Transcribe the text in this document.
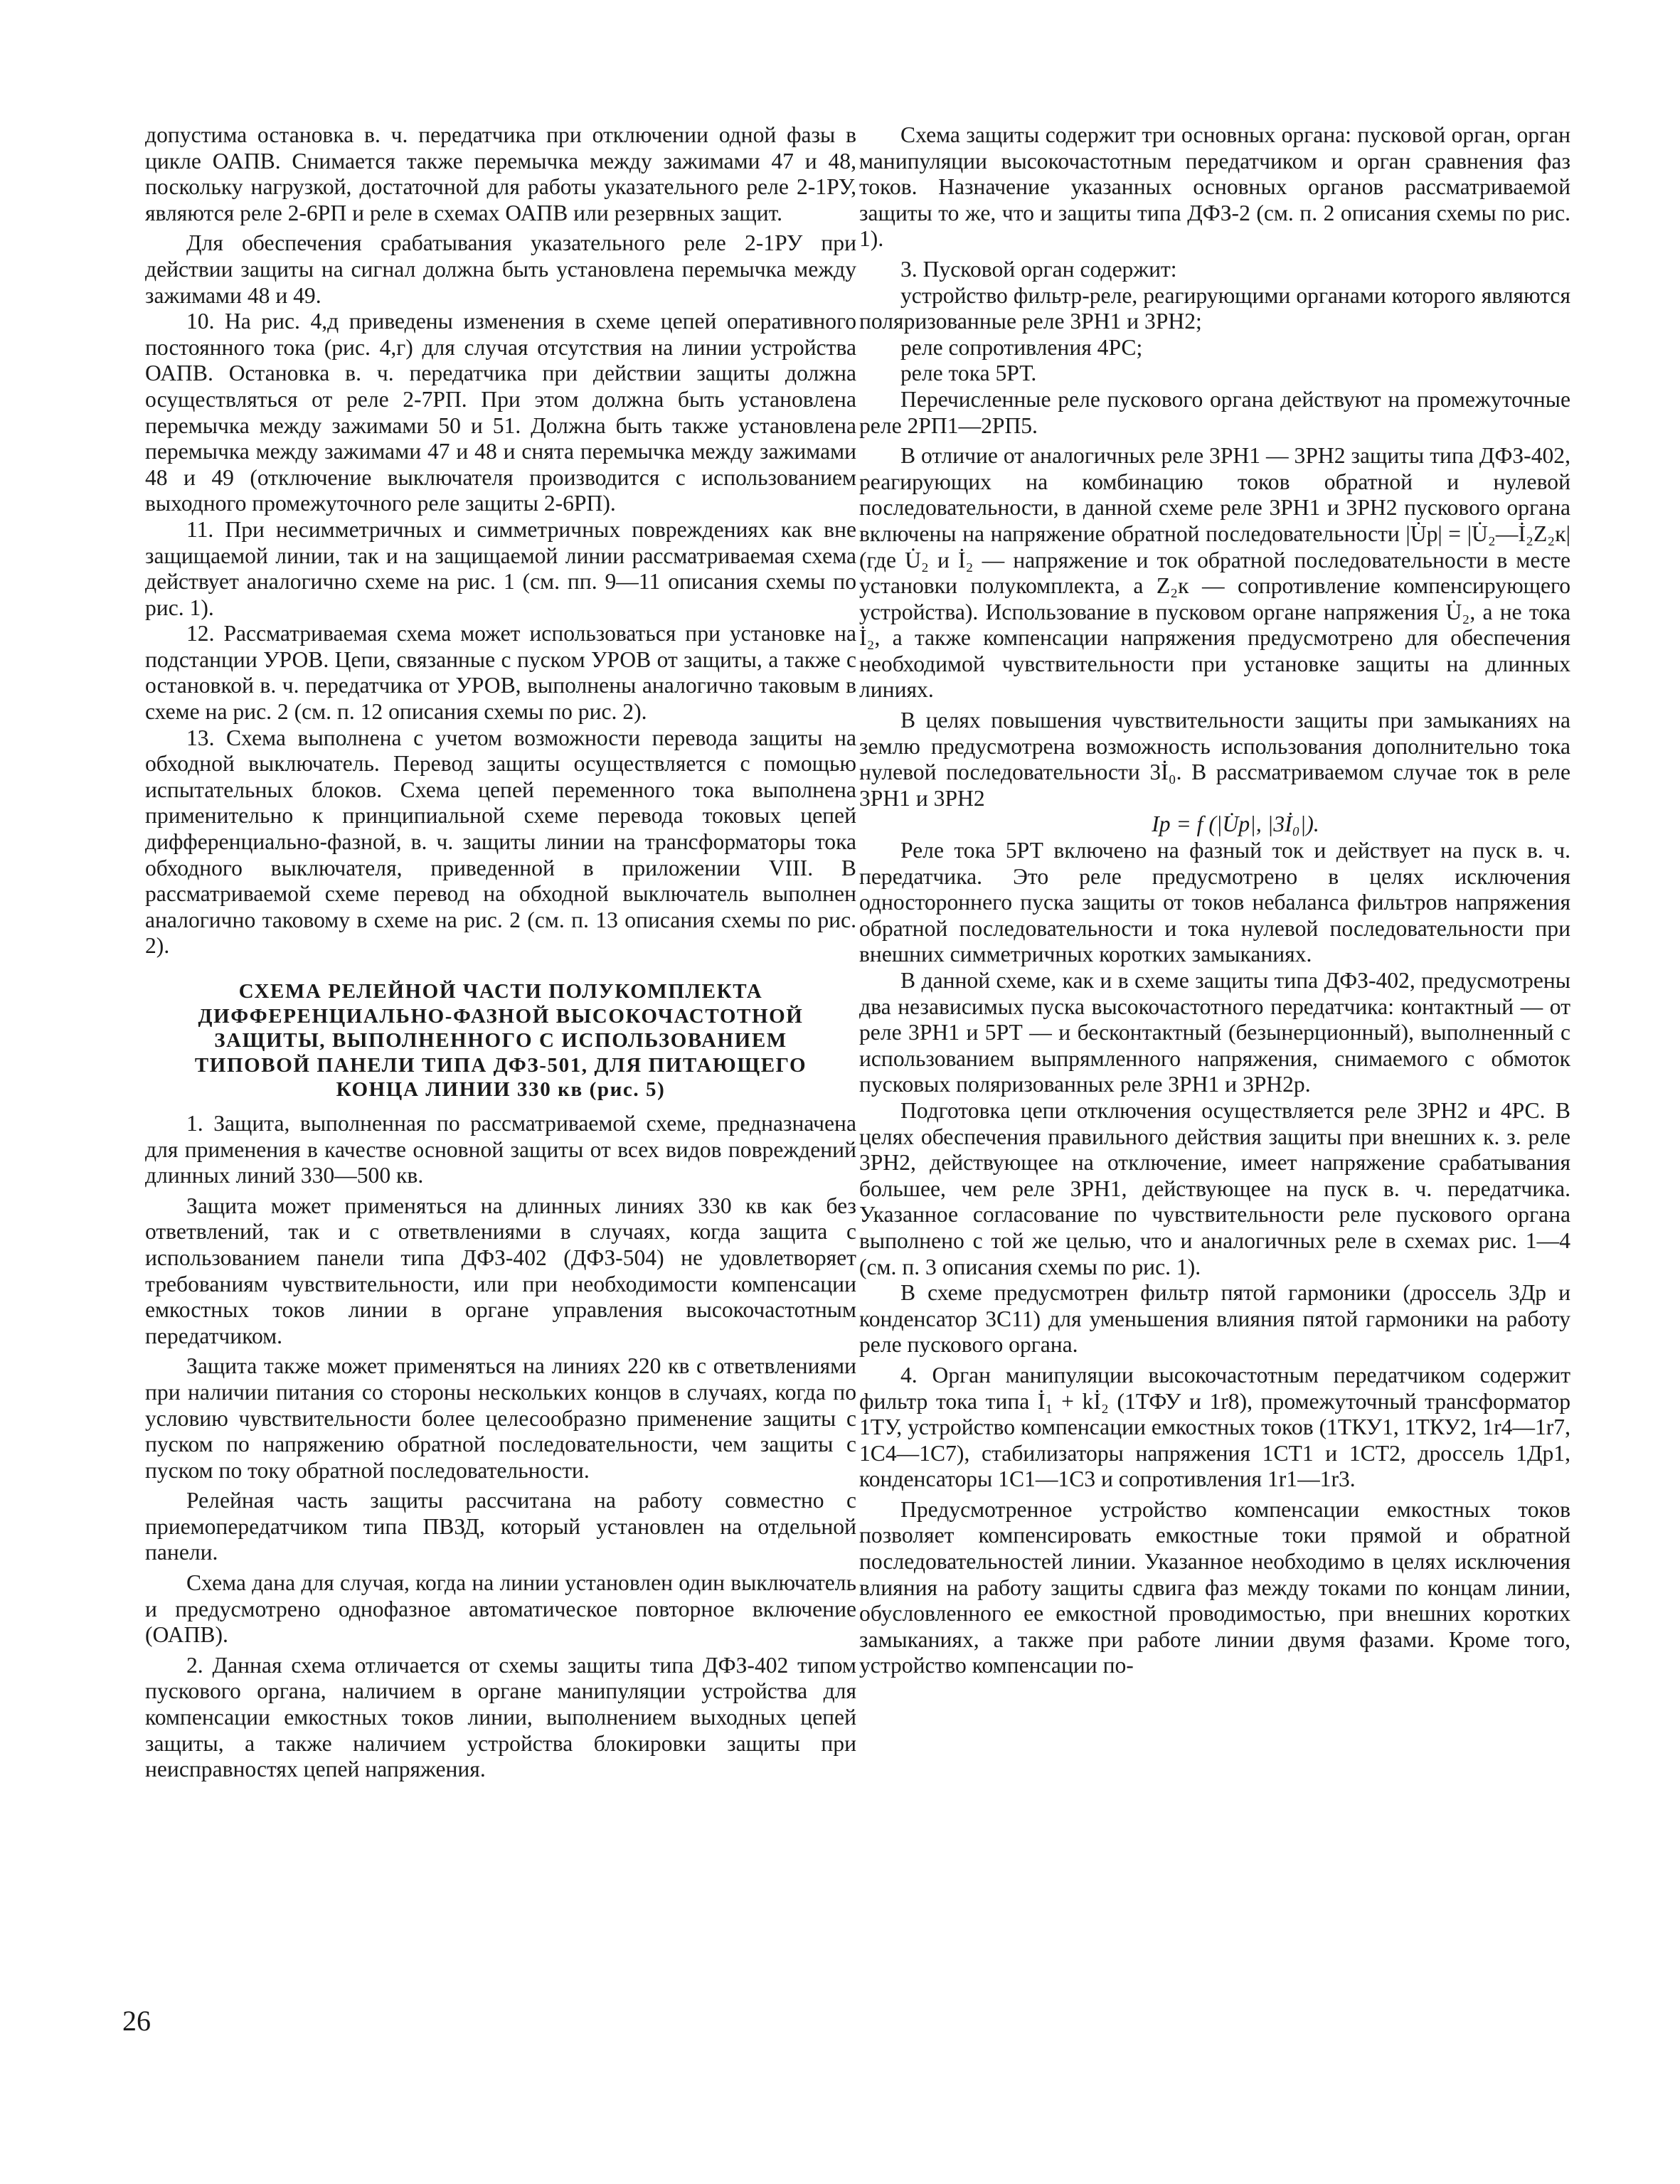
допустима остановка в. ч. передатчика при отключении одной фазы в цикле ОАПВ. Снимается также перемычка между зажимами 47 и 48, поскольку нагрузкой, достаточной для работы указательного реле 2-1РУ, являются реле 2-6РП и реле в схемах ОАПВ или резервных защит.

Для обеспечения срабатывания указательного реле 2-1РУ при действии защиты на сигнал должна быть установлена перемычка между зажимами 48 и 49.

10. На рис. 4,д приведены изменения в схеме цепей оперативного постоянного тока (рис. 4,г) для случая отсутствия на линии устройства ОАПВ. Остановка в. ч. передатчика при действии защиты должна осуществляться от реле 2-7РП. При этом должна быть установлена перемычка между зажимами 50 и 51. Должна быть также установлена перемычка между зажимами 47 и 48 и снята перемычка между зажимами 48 и 49 (отключение выключателя производится с использованием выходного промежуточного реле защиты 2-6РП).

11. При несимметричных и симметричных повреждениях как вне защищаемой линии, так и на защищаемой линии рассматриваемая схема действует аналогично схеме на рис. 1 (см. пп. 9—11 описания схемы по рис. 1).

12. Рассматриваемая схема может использоваться при установке на подстанции УРОВ. Цепи, связанные с пуском УРОВ от защиты, а также с остановкой в. ч. передатчика от УРОВ, выполнены аналогично таковым в схеме на рис. 2 (см. п. 12 описания схемы по рис. 2).

13. Схема выполнена с учетом возможности перевода защиты на обходной выключатель. Перевод защиты осуществляется с помощью испытательных блоков. Схема цепей переменного тока выполнена применительно к принципиальной схеме перевода токовых цепей дифференциально-фазной, в. ч. защиты линии на трансформаторы тока обходного выключателя, приведенной в приложении VIII. В рассматриваемой схеме перевод на обходной выключатель выполнен аналогично таковому в схеме на рис. 2 (см. п. 13 описания схемы по рис. 2).

СХЕМА РЕЛЕЙНОЙ ЧАСТИ ПОЛУКОМПЛЕКТА
ДИФФЕРЕНЦИАЛЬНО-ФАЗНОЙ ВЫСОКОЧАСТОТНОЙ
ЗАЩИТЫ, ВЫПОЛНЕННОГО С ИСПОЛЬЗОВАНИЕМ
ТИПОВОЙ ПАНЕЛИ ТИПА ДФЗ-501, ДЛЯ ПИТАЮЩЕГО
КОНЦА ЛИНИИ 330 кв (рис. 5)

1. Защита, выполненная по рассматриваемой схеме, предназначена для применения в качестве основной защиты от всех видов повреждений длинных линий 330—500 кв.

Защита может применяться на длинных линиях 330 кв как без ответвлений, так и с ответвлениями в случаях, когда защита с использованием панели типа ДФЗ-402 (ДФЗ-504) не удовлетворяет требованиям чувствительности, или при необходимости компенсации емкостных токов линии в органе управления высокочастотным передатчиком.

Защита также может применяться на линиях 220 кв с ответвлениями при наличии питания со стороны нескольких концов в случаях, когда по условию чувствительности более целесообразно применение защиты с пуском по напряжению обратной последовательности, чем защиты с пуском по току обратной последовательности.

Релейная часть защиты рассчитана на работу совместно с приемопередатчиком типа ПВЗД, который установлен на отдельной панели.

Схема дана для случая, когда на линии установлен один выключатель и предусмотрено однофазное автоматическое повторное включение (ОАПВ).

2. Данная схема отличается от схемы защиты типа ДФЗ-402 типом пускового органа, наличием в органе манипуляции устройства для компенсации емкостных токов линии, выполнением выходных цепей защиты, а также наличием устройства блокировки защиты при неисправностях цепей напряжения.

Схема защиты содержит три основных органа: пусковой орган, орган манипуляции высокочастотным передатчиком и орган сравнения фаз токов. Назначение указанных основных органов рассматриваемой защиты то же, что и защиты типа ДФЗ-2 (см. п. 2 описания схемы по рис. 1).

3. Пусковой орган содержит:

устройство фильтр-реле, реагирующими органами которого являются поляризованные реле 3РН1 и 3РН2;

реле сопротивления 4РС;

реле тока 5РТ.

Перечисленные реле пускового органа действуют на промежуточные реле 2РП1—2РП5.

В отличие от аналогичных реле 3РН1 — 3РН2 защиты типа ДФЗ-402, реагирующих на комбинацию токов обратной и нулевой последовательности, в данной схеме реле 3РН1 и 3РН2 пускового органа включены на напряжение обратной последовательности |U̇р| = |U̇₂—İ₂Z₂к| (где U̇₂ и İ₂ — напряжение и ток обратной последовательности в месте установки полукомплекта, а Z₂к — сопротивление компенсирующего устройства). Использование в пусковом органе напряжения U̇₂, а не тока İ₂, а также компенсации напряжения предусмотрено для обеспечения необходимой чувствительности при установке защиты на длинных линиях.

В целях повышения чувствительности защиты при замыканиях на землю предусмотрена возможность использования дополнительно тока нулевой последовательности 3İ₀. В рассматриваемом случае ток в реле 3РН1 и 3РН2

Iр = f (|U̇р|, |3İ₀|).

Реле тока 5РТ включено на фазный ток и действует на пуск в. ч. передатчика. Это реле предусмотрено в целях исключения одностороннего пуска защиты от токов небаланса фильтров напряжения обратной последовательности и тока нулевой последовательности при внешних симметричных коротких замыканиях.

В данной схеме, как и в схеме защиты типа ДФЗ-402, предусмотрены два независимых пуска высокочастотного передатчика: контактный — от реле 3РН1 и 5РТ — и бесконтактный (безынерционный), выполненный с использованием выпрямленного напряжения, снимаемого с обмоток пусковых поляризованных реле 3РН1 и 3РН2р.

Подготовка цепи отключения осуществляется реле 3РН2 и 4РС. В целях обеспечения правильного действия защиты при внешних к. з. реле 3РН2, действующее на отключение, имеет напряжение срабатывания большее, чем реле 3РН1, действующее на пуск в. ч. передатчика. Указанное согласование по чувствительности реле пускового органа выполнено с той же целью, что и аналогичных реле в схемах рис. 1—4 (см. п. 3 описания схемы по рис. 1).

В схеме предусмотрен фильтр пятой гармоники (дроссель 3Др и конденсатор 3С11) для уменьшения влияния пятой гармоники на работу реле пускового органа.

4. Орган манипуляции высокочастотным передатчиком содержит фильтр тока типа İ₁ + kİ₂ (1ТФУ и 1r8), промежуточный трансформатор 1ТУ, устройство компенсации емкостных токов (1ТКУ1, 1ТКУ2, 1r4—1r7, 1С4—1С7), стабилизаторы напряжения 1СТ1 и 1СТ2, дроссель 1Др1, конденсаторы 1С1—1С3 и сопротивления 1r1—1r3.

Предусмотренное устройство компенсации емкостных токов позволяет компенсировать емкостные токи прямой и обратной последовательностей линии. Указанное необходимо в целях исключения влияния на работу защиты сдвига фаз между токами по концам линии, обусловленного ее емкостной проводимостью, при внешних коротких замыканиях, а также при работе линии двумя фазами. Кроме того, устройство компенсации по-

26
